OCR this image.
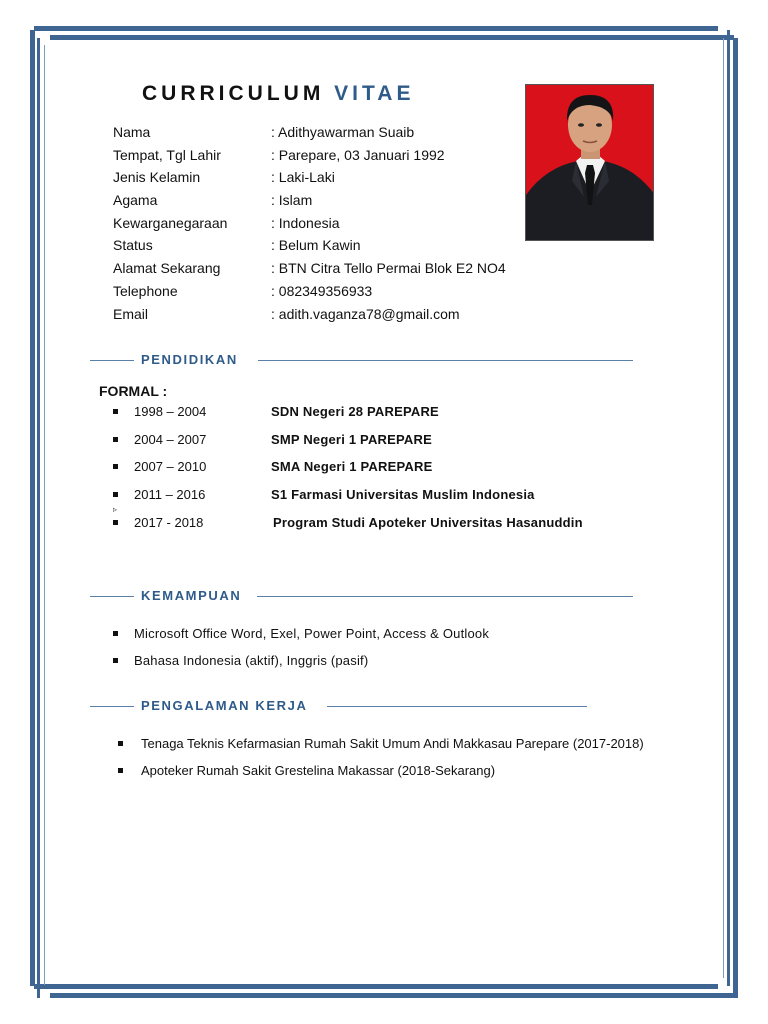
CURRICULUM VITAE
Nama	: Adithyawarman Suaib
Tempat, Tgl Lahir	: Parepare, 03 Januari 1992
Jenis Kelamin	: Laki-Laki
Agama	: Islam
Kewarganegaraan	: Indonesia
Status	: Belum Kawin
Alamat Sekarang	: BTN Citra Tello Permai Blok E2 NO4
Telephone	: 082349356933
Email	: adith.vaganza78@gmail.com
PENDIDIKAN
FORMAL :
1998 – 2004	SDN Negeri 28 PAREPARE
2004 – 2007	SMP Negeri 1 PAREPARE
2007 – 2010	SMA Negeri 1 PAREPARE
2011 – 2016	S1 Farmasi Universitas Muslim Indonesia
▹
2017 - 2018	Program Studi Apoteker Universitas Hasanuddin
KEMAMPUAN
Microsoft Office Word, Exel, Power Point, Access & Outlook
Bahasa Indonesia (aktif), Inggris (pasif)
PENGALAMAN KERJA
Tenaga Teknis Kefarmasian Rumah Sakit Umum Andi Makkasau Parepare (2017-2018)
Apoteker Rumah Sakit Grestelina Makassar (2018-Sekarang)
